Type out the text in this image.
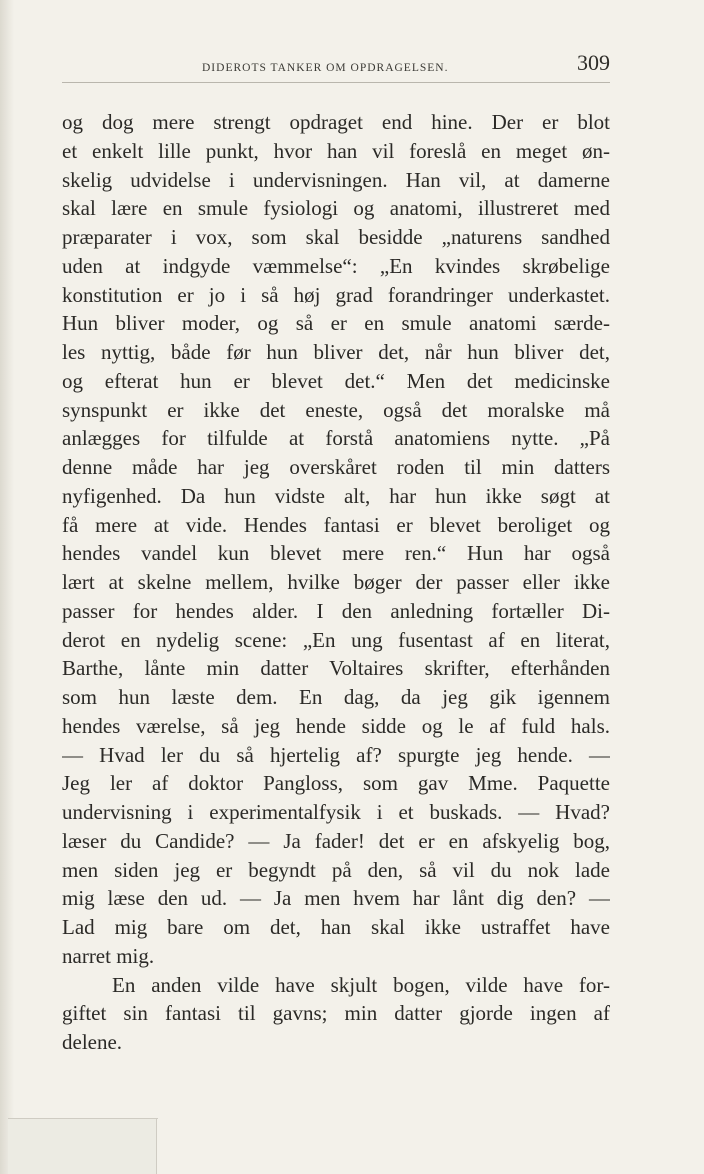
DIDEROTS TANKER OM OPDRAGELSEN.	309
og dog mere strengt opdraget end hine. Der er blot
et enkelt lille punkt, hvor han vil foreslå en meget øn-
skelig udvidelse i undervisningen. Han vil, at damerne
skal lære en smule fysiologi og anatomi, illustreret med
præparater i vox, som skal besidde „naturens sandhed
uden at indgyde væmmelse“: „En kvindes skrøbelige
konstitution er jo i så høj grad forandringer underkastet.
Hun bliver moder, og så er en smule anatomi særde-
les nyttig, både før hun bliver det, når hun bliver det,
og efterat hun er blevet det.“ Men det medicinske
synspunkt er ikke det eneste, også det moralske må
anlægges for tilfulde at forstå anatomiens nytte. „På
denne måde har jeg overskåret roden til min datters
nyfigenhed. Da hun vidste alt, har hun ikke søgt at
få mere at vide. Hendes fantasi er blevet beroliget og
hendes vandel kun blevet mere ren.“ Hun har også
lært at skelne mellem, hvilke bøger der passer eller ikke
passer for hendes alder. I den anledning fortæller Di-
derot en nydelig scene: „En ung fusentast af en literat,
Barthe, lånte min datter Voltaires skrifter, efterhånden
som hun læste dem. En dag, da jeg gik igennem
hendes værelse, så jeg hende sidde og le af fuld hals.
— Hvad ler du så hjertelig af? spurgte jeg hende. —
Jeg ler af doktor Pangloss, som gav Mme. Paquette
undervisning i experimentalfysik i et buskads. — Hvad?
læser du Candide? — Ja fader! det er en afskyelig bog,
men siden jeg er begyndt på den, så vil du nok lade
mig læse den ud. — Ja men hvem har lånt dig den? —
Lad mig bare om det, han skal ikke ustraffet have
narret mig.
En anden vilde have skjult bogen, vilde have for-
giftet sin fantasi til gavns; min datter gjorde ingen af
delene.
